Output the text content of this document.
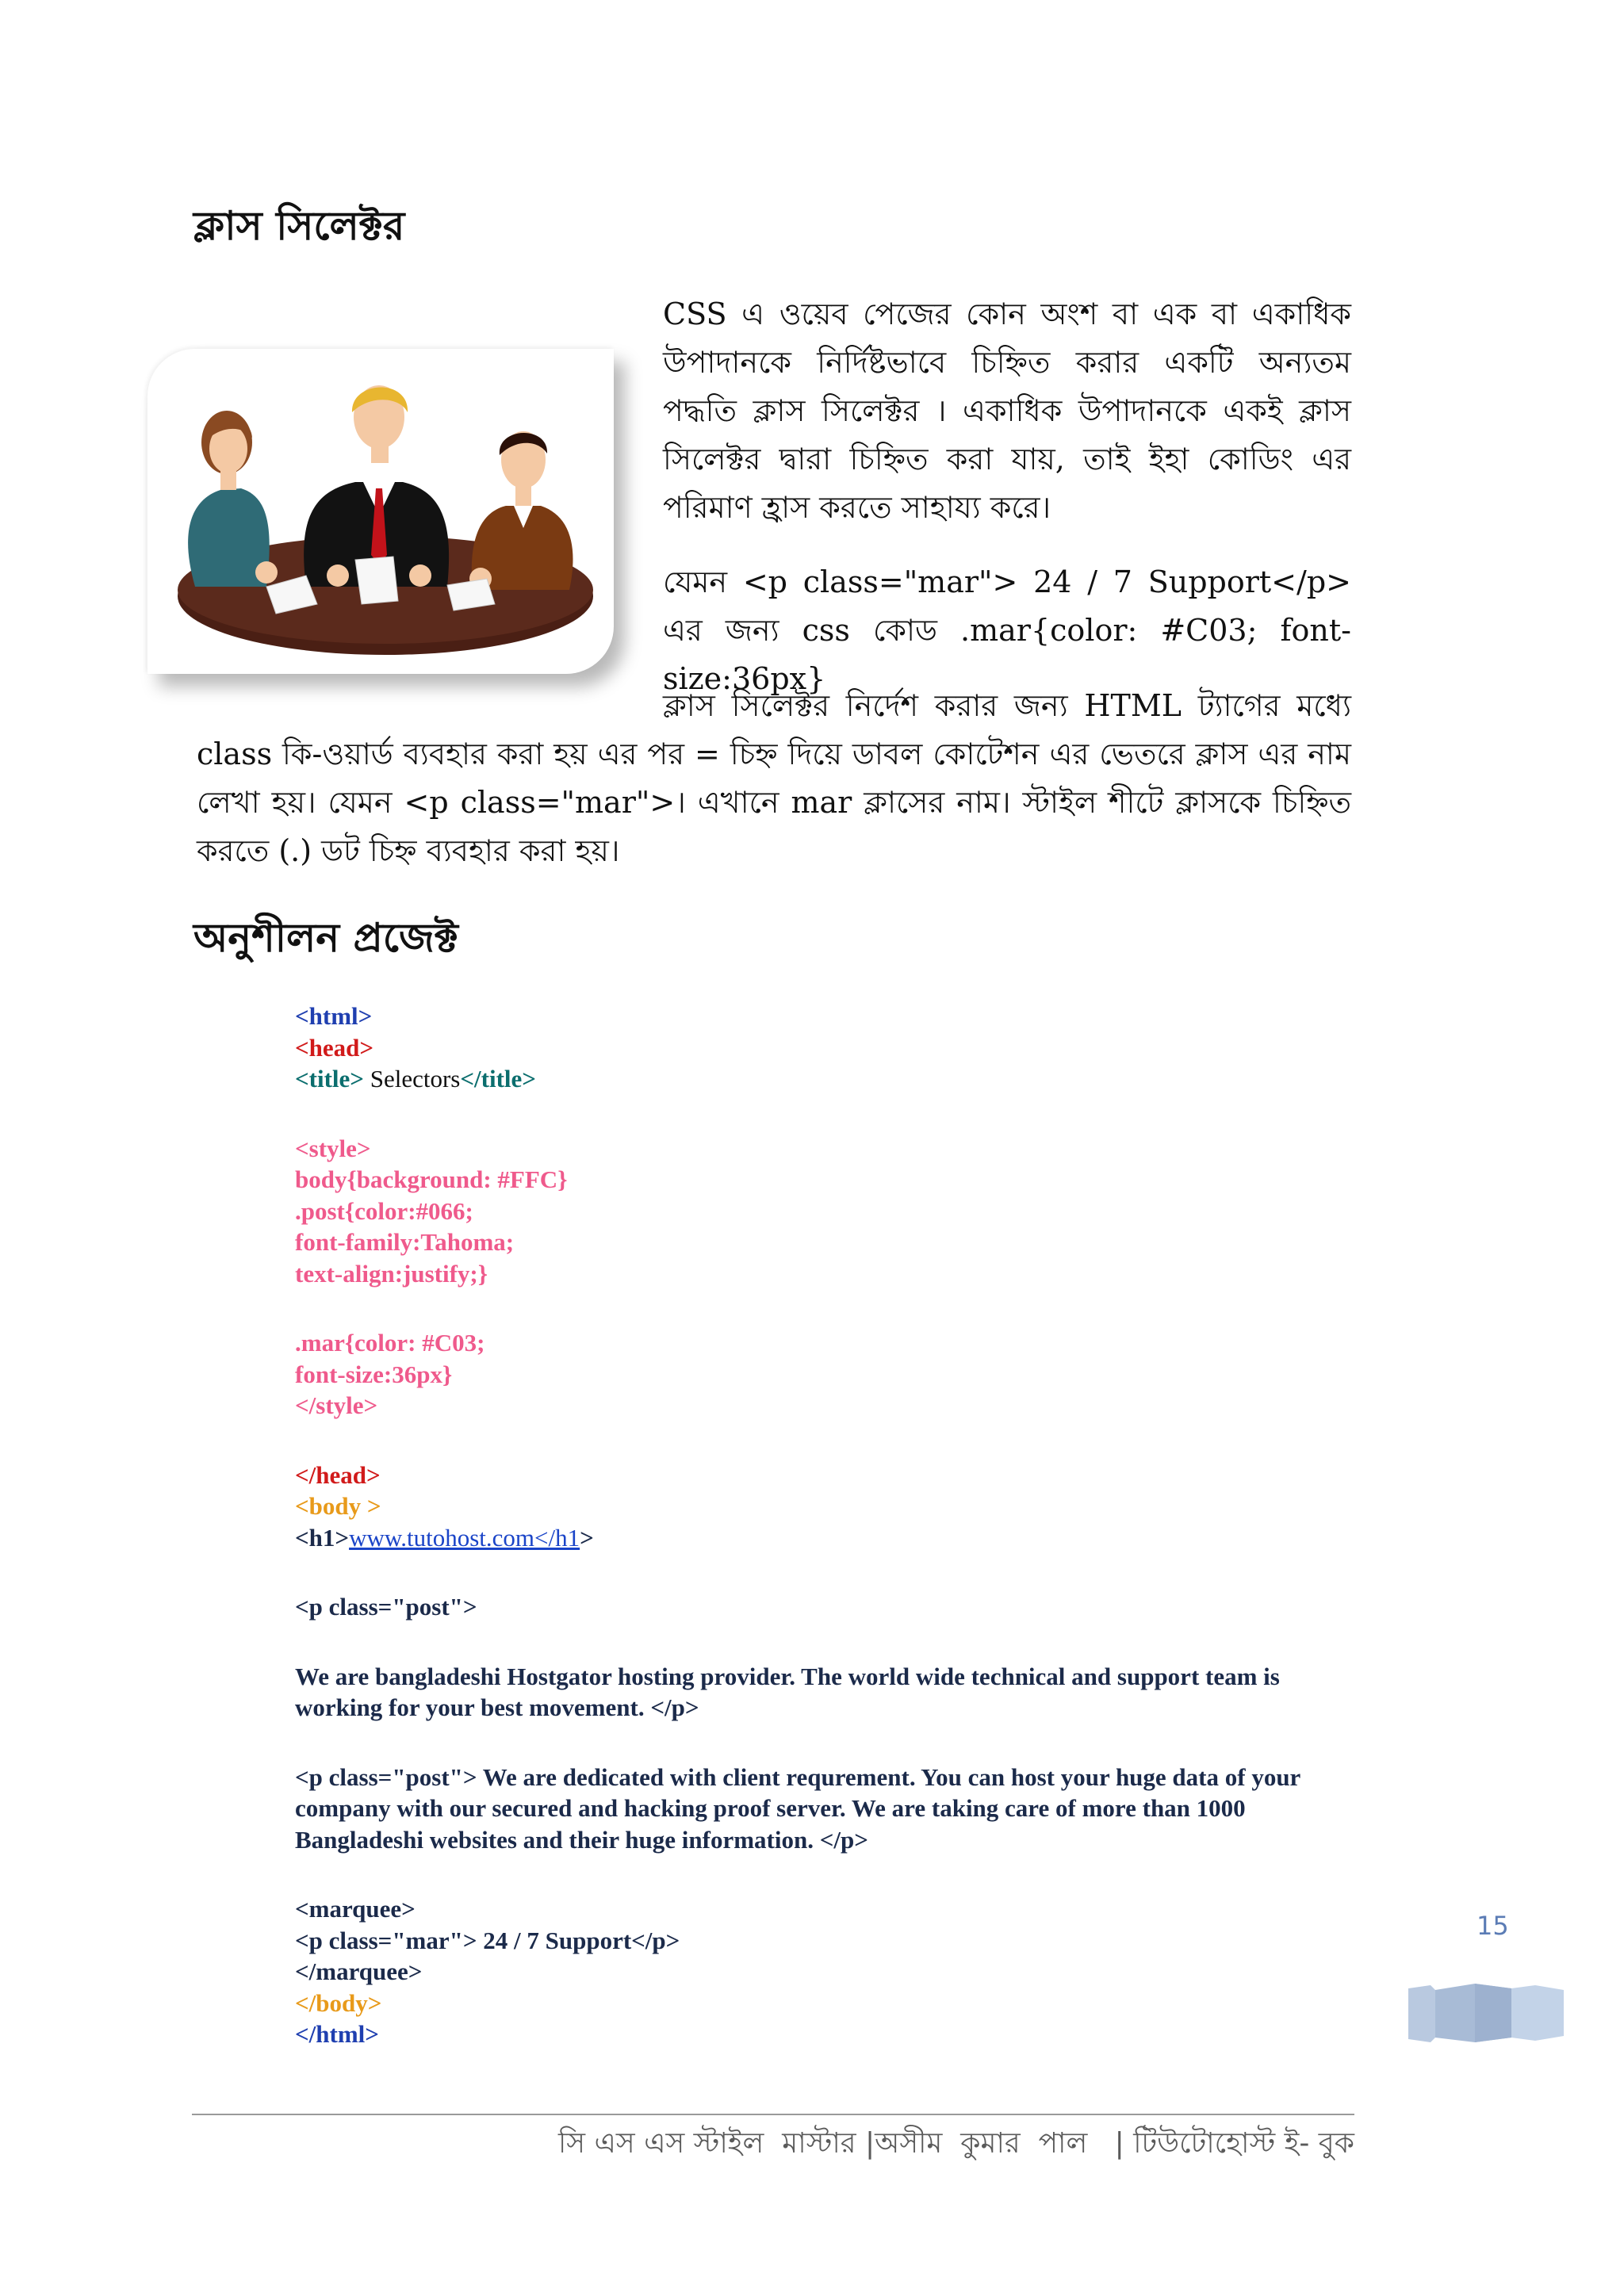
ক্লাস সিলেক্টর

CSS এ ওয়েব পেজের কোন অংশ বা এক বা একাধিক উপাদানকে নির্দিষ্টভাবে চিহ্নিত করার একটি অন্যতম পদ্ধতি ক্লাস সিলেক্টর । একাধিক উপাদানকে একই ক্লাস সিলেক্টর দ্বারা চিহ্নিত করা যায়, তাই ইহা কোডিং এর পরিমাণ হ্রাস করতে সাহায্য করে।

যেমন <p class="mar"> 24 / 7 Support</p> এর জন্য css কোড .mar{color: #C03; font-size:36px}

ক্লাস সিলেক্টর নির্দেশ করার জন্য HTML ট্যাগের মধ্যে

class কি-ওয়ার্ড ব্যবহার করা হয় এর পর = চিহ্ন দিয়ে ডাবল কোটেশন এর ভেতরে ক্লাস এর নাম লেখা হয়। যেমন <p class="mar">। এখানে mar ক্লাসের নাম। স্টাইল শীটে ক্লাসকে চিহ্নিত করতে (.) ডট চিহ্ন ব্যবহার করা হয়।

অনুশীলন প্রজেক্ট
<html>
<head>
<title> Selectors</title>
<style>
body{background: #FFC}
.post{color:#066;
font-family:Tahoma;
text-align:justify;}
.mar{color: #C03;
font-size:36px}
</style>
</head>
<body >
<h1>www.tutohost.com</h1>
<p class="post">
We are bangladeshi Hostgator hosting provider. The world wide technical and support team is working for your best movement. </p>
<p class="post"> We are dedicated with client requrement. You can host your huge data of your company with our secured and hacking proof server. We are taking care of more than 1000 Bangladeshi websites and their huge information. </p>
<marquee>
<p class="mar"> 24 / 7 Support</p>
</marquee>
</body>
</html>
15

সি এস এস স্টাইল  মাস্টার |অসীম  কুমার  পাল   | টিউটোহোস্ট ই- বুক
